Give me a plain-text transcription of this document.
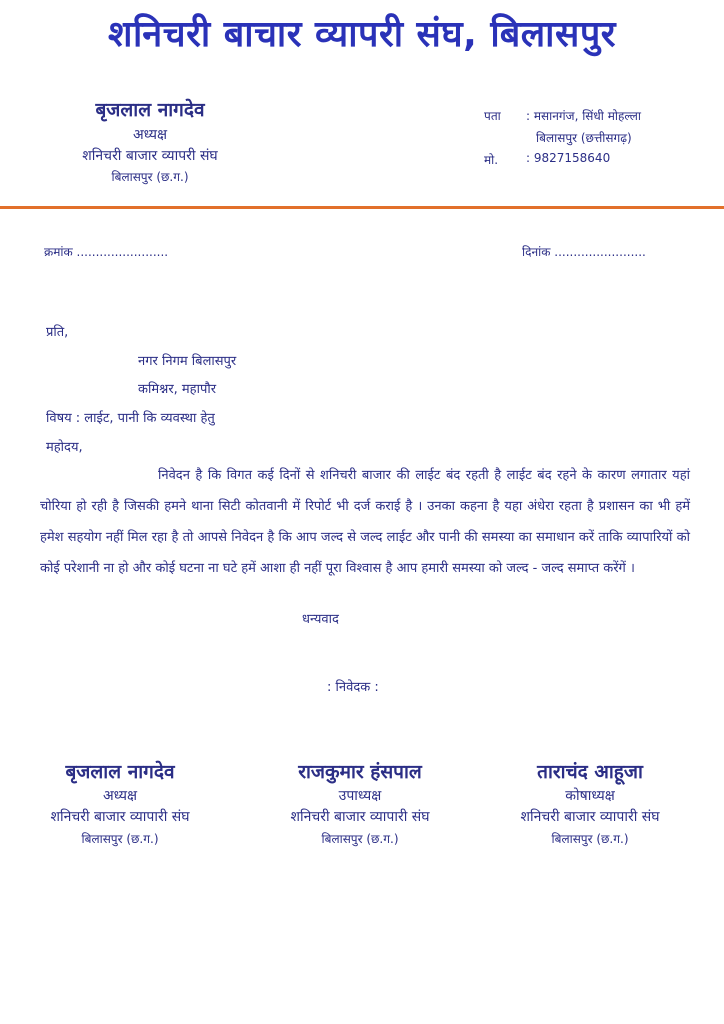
शनिचरी बाचार व्यापरी संघ, बिलासपुर
बृजलाल नागदेव
अध्यक्ष
शनिचरी बाजार व्यापरी संघ
बिलासपुर (छ.ग.)
पता : मसानगंज, सिंधी मोहल्ला
बिलासपुर (छत्तीसगढ़)
मो. : 9827158640
क्रमांक ........................	दिनांक ........................
प्रति,
नगर निगम बिलासपुर
कमिश्नर, महापौर
विषय : लाईट, पानी कि व्यवस्था हेतु
महोदय,
निवेदन है कि विगत कई दिनों से शनिचरी बाजार की लाईट बंद रहती है लाईट बंद रहने के कारण लगातार यहां चोरिया हो रही है जिसकी हमने थाना सिटी कोतवानी में रिपोर्ट भी दर्ज कराई है । उनका कहना है यहा अंधेरा रहता है प्रशासन का भी हमें हमेश सहयोग नहीं मिल रहा है तो आपसे निवेदन है कि आप जल्द से जल्द लाईट और पानी की समस्या का समाधान करें ताकि व्यापारियों को कोई परेशानी ना हो और कोई घटना ना घटे हमें आशा ही नहीं पूरा विश्वास है आप हमारी समस्या को जल्द - जल्द समाप्त करेंगें ।
धन्यवाद
: निवेदक :
बृजलाल नागदेव
अध्यक्ष
शनिचरी बाजार व्यापारी संघ
बिलासपुर (छ.ग.)
राजकुमार हंसपाल
उपाध्यक्ष
शनिचरी बाजार व्यापारी संघ
बिलासपुर (छ.ग.)
ताराचंद आहूजा
कोषाध्यक्ष
शनिचरी बाजार व्यापारी संघ
बिलासपुर (छ.ग.)
